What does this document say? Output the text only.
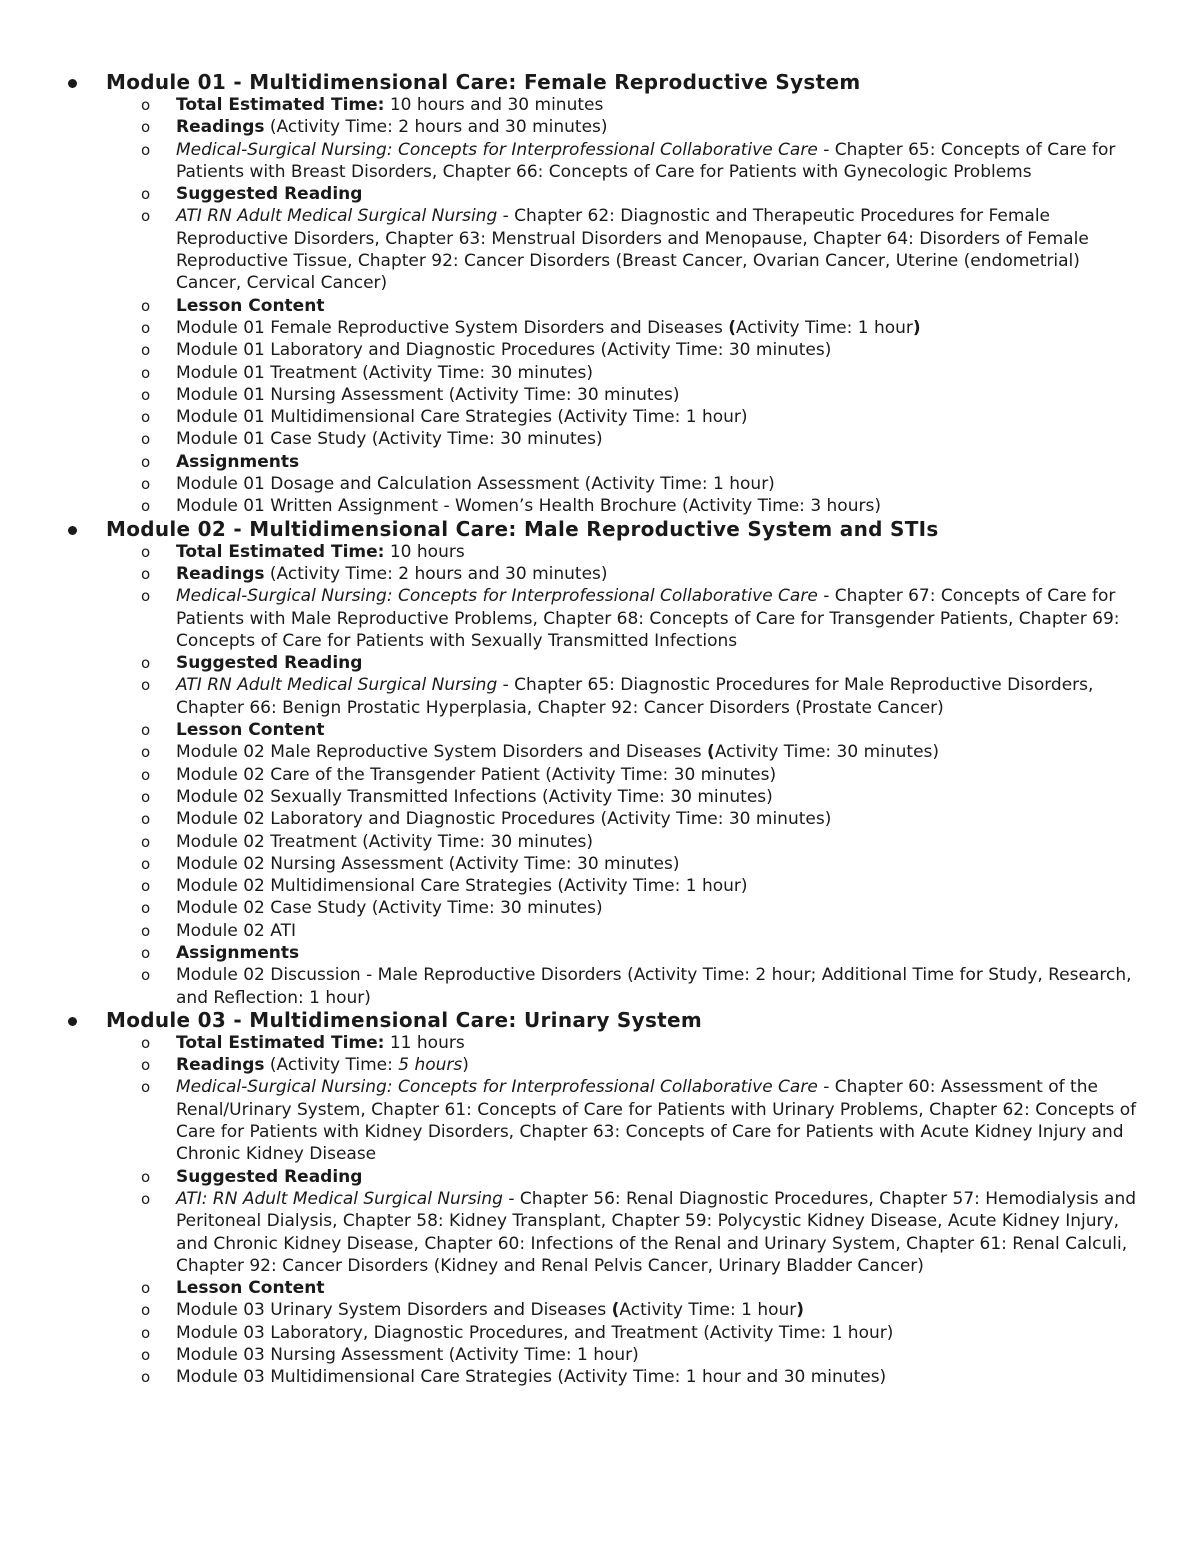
Module 01 - Multidimensional Care: Female Reproductive System
o Total Estimated Time: 10 hours and 30 minutes
o Readings (Activity Time: 2 hours and 30 minutes)
o Medical-Surgical Nursing: Concepts for Interprofessional Collaborative Care - Chapter 65: Concepts of Care for Patients with Breast Disorders, Chapter 66: Concepts of Care for Patients with Gynecologic Problems
o Suggested Reading
o ATI RN Adult Medical Surgical Nursing - Chapter 62: Diagnostic and Therapeutic Procedures for Female Reproductive Disorders, Chapter 63: Menstrual Disorders and Menopause, Chapter 64: Disorders of Female Reproductive Tissue, Chapter 92: Cancer Disorders (Breast Cancer, Ovarian Cancer, Uterine (endometrial) Cancer, Cervical Cancer)
o Lesson Content
o Module 01 Female Reproductive System Disorders and Diseases (Activity Time: 1 hour)
o Module 01 Laboratory and Diagnostic Procedures (Activity Time: 30 minutes)
o Module 01 Treatment (Activity Time: 30 minutes)
o Module 01 Nursing Assessment (Activity Time: 30 minutes)
o Module 01 Multidimensional Care Strategies (Activity Time: 1 hour)
o Module 01 Case Study (Activity Time: 30 minutes)
o Assignments
o Module 01 Dosage and Calculation Assessment (Activity Time: 1 hour)
o Module 01 Written Assignment - Women’s Health Brochure (Activity Time: 3 hours)
Module 02 - Multidimensional Care: Male Reproductive System and STIs
o Total Estimated Time: 10 hours
o Readings (Activity Time: 2 hours and 30 minutes)
o Medical-Surgical Nursing: Concepts for Interprofessional Collaborative Care - Chapter 67: Concepts of Care for Patients with Male Reproductive Problems, Chapter 68: Concepts of Care for Transgender Patients, Chapter 69: Concepts of Care for Patients with Sexually Transmitted Infections
o Suggested Reading
o ATI RN Adult Medical Surgical Nursing - Chapter 65: Diagnostic Procedures for Male Reproductive Disorders, Chapter 66: Benign Prostatic Hyperplasia, Chapter 92: Cancer Disorders (Prostate Cancer)
o Lesson Content
o Module 02 Male Reproductive System Disorders and Diseases (Activity Time: 30 minutes)
o Module 02 Care of the Transgender Patient (Activity Time: 30 minutes)
o Module 02 Sexually Transmitted Infections (Activity Time: 30 minutes)
o Module 02 Laboratory and Diagnostic Procedures (Activity Time: 30 minutes)
o Module 02 Treatment (Activity Time: 30 minutes)
o Module 02 Nursing Assessment (Activity Time: 30 minutes)
o Module 02 Multidimensional Care Strategies (Activity Time: 1 hour)
o Module 02 Case Study (Activity Time: 30 minutes)
o Module 02 ATI
o Assignments
o Module 02 Discussion - Male Reproductive Disorders (Activity Time: 2 hour; Additional Time for Study, Research, and Reflection: 1 hour)
Module 03 - Multidimensional Care: Urinary System
o Total Estimated Time: 11 hours
o Readings (Activity Time: 5 hours)
o Medical-Surgical Nursing: Concepts for Interprofessional Collaborative Care - Chapter 60: Assessment of the Renal/Urinary System, Chapter 61: Concepts of Care for Patients with Urinary Problems, Chapter 62: Concepts of Care for Patients with Kidney Disorders, Chapter 63: Concepts of Care for Patients with Acute Kidney Injury and Chronic Kidney Disease
o Suggested Reading
o ATI: RN Adult Medical Surgical Nursing - Chapter 56: Renal Diagnostic Procedures, Chapter 57: Hemodialysis and Peritoneal Dialysis, Chapter 58: Kidney Transplant, Chapter 59: Polycystic Kidney Disease, Acute Kidney Injury, and Chronic Kidney Disease, Chapter 60: Infections of the Renal and Urinary System, Chapter 61: Renal Calculi, Chapter 92: Cancer Disorders (Kidney and Renal Pelvis Cancer, Urinary Bladder Cancer)
o Lesson Content
o Module 03 Urinary System Disorders and Diseases (Activity Time: 1 hour)
o Module 03 Laboratory, Diagnostic Procedures, and Treatment (Activity Time: 1 hour)
o Module 03 Nursing Assessment (Activity Time: 1 hour)
o Module 03 Multidimensional Care Strategies (Activity Time: 1 hour and 30 minutes)
